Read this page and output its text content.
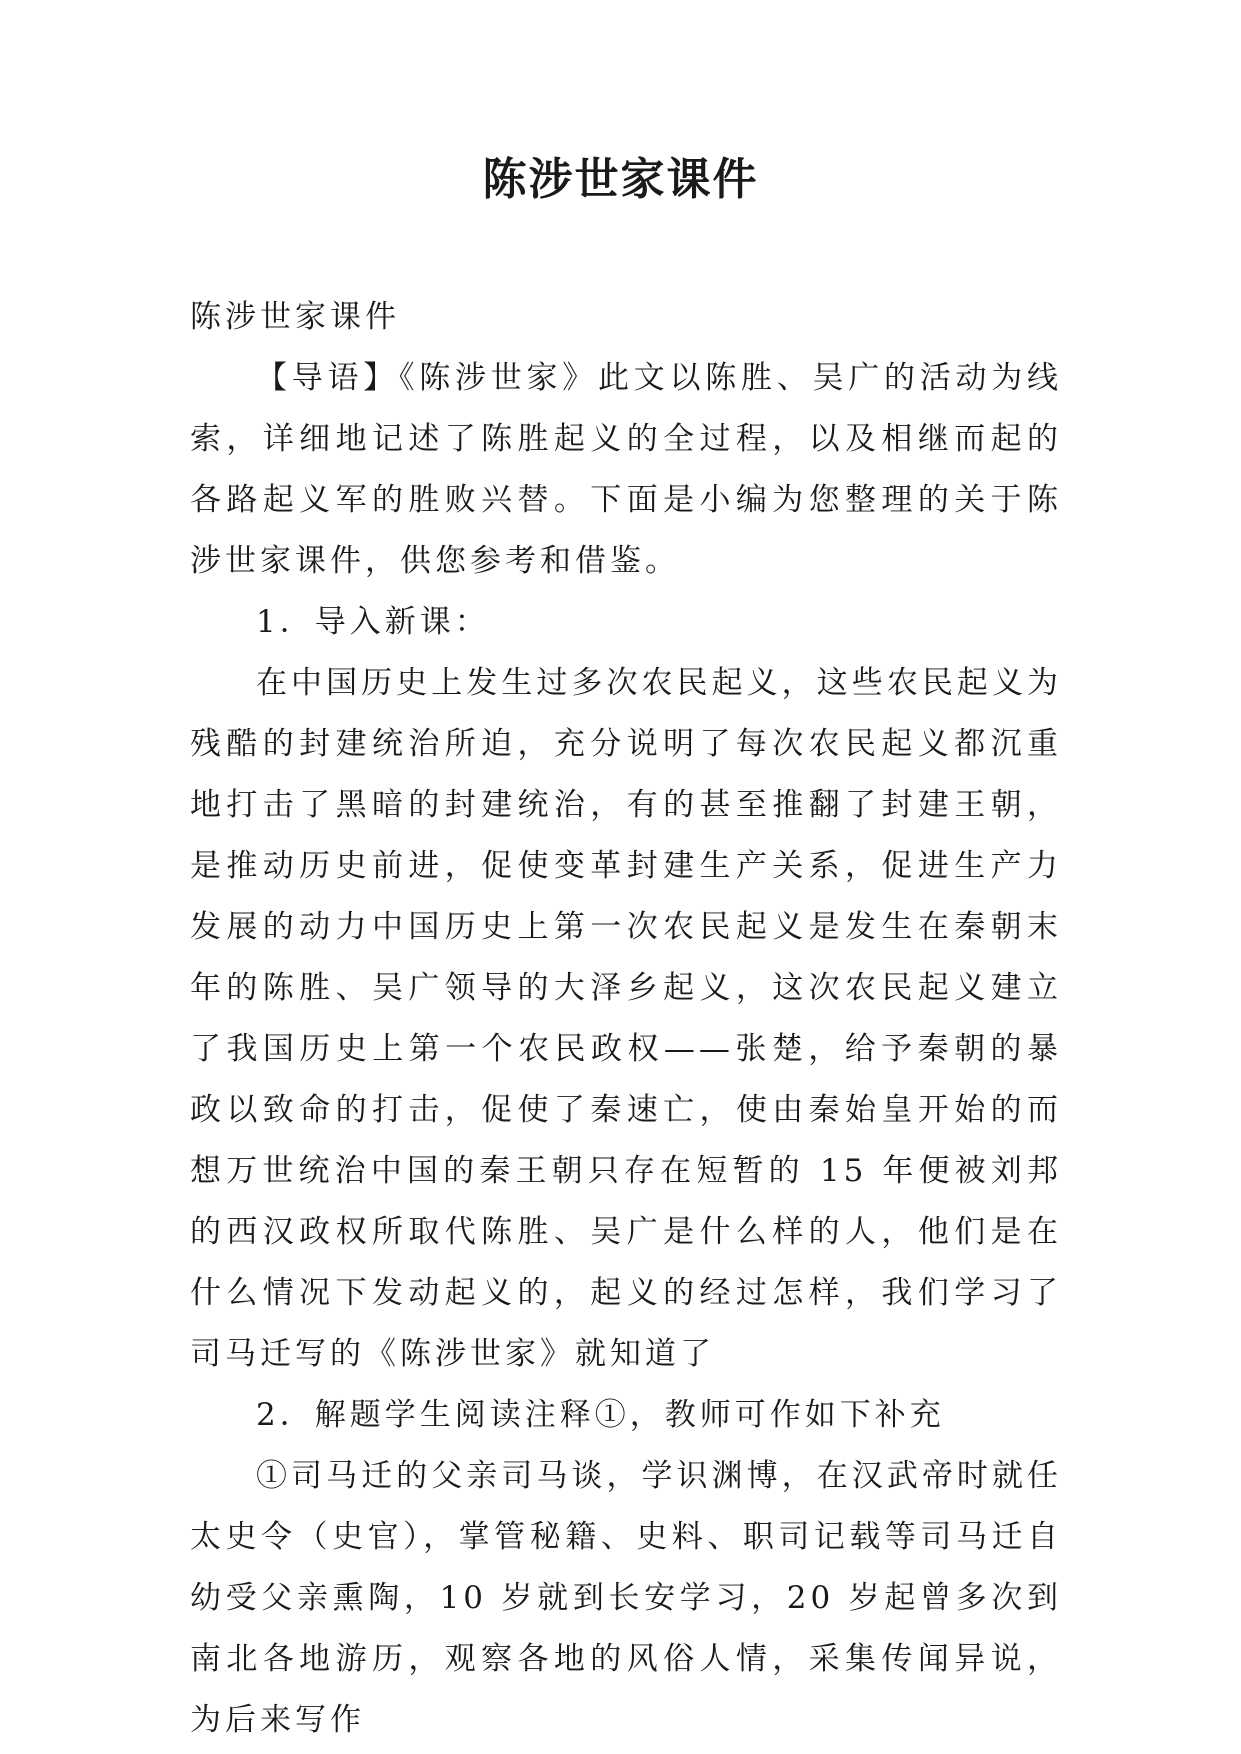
陈涉世家课件

陈涉世家课件

【导语】《陈涉世家》此文以陈胜、吴广的活动为线索，详细地记述了陈胜起义的全过程，以及相继而起的各路起义军的胜败兴替。下面是小编为您整理的关于陈涉世家课件，供您参考和借鉴。

1．导入新课：

在中国历史上发生过多次农民起义，这些农民起义为残酷的封建统治所迫，充分说明了每次农民起义都沉重地打击了黑暗的封建统治，有的甚至推翻了封建王朝，是推动历史前进，促使变革封建生产关系，促进生产力发展的动力中国历史上第一次农民起义是发生在秦朝末年的陈胜、吴广领导的大泽乡起义，这次农民起义建立了我国历史上第一个农民政权——张楚，给予秦朝的暴政以致命的打击，促使了秦速亡，使由秦始皇开始的而想万世统治中国的秦王朝只存在短暂的 15 年便被刘邦的西汉政权所取代陈胜、吴广是什么样的人，他们是在什么情况下发动起义的，起义的经过怎样，我们学习了司马迁写的《陈涉世家》就知道了

2．解题学生阅读注释①，教师可作如下补充

①司马迁的父亲司马谈，学识渊博，在汉武帝时就任太史令（史官），掌管秘籍、史料、职司记载等司马迁自幼受父亲熏陶，10 岁就到长安学习，20 岁起曾多次到南北各地游历，观察各地的风俗人情，采集传闻异说，为后来写作
